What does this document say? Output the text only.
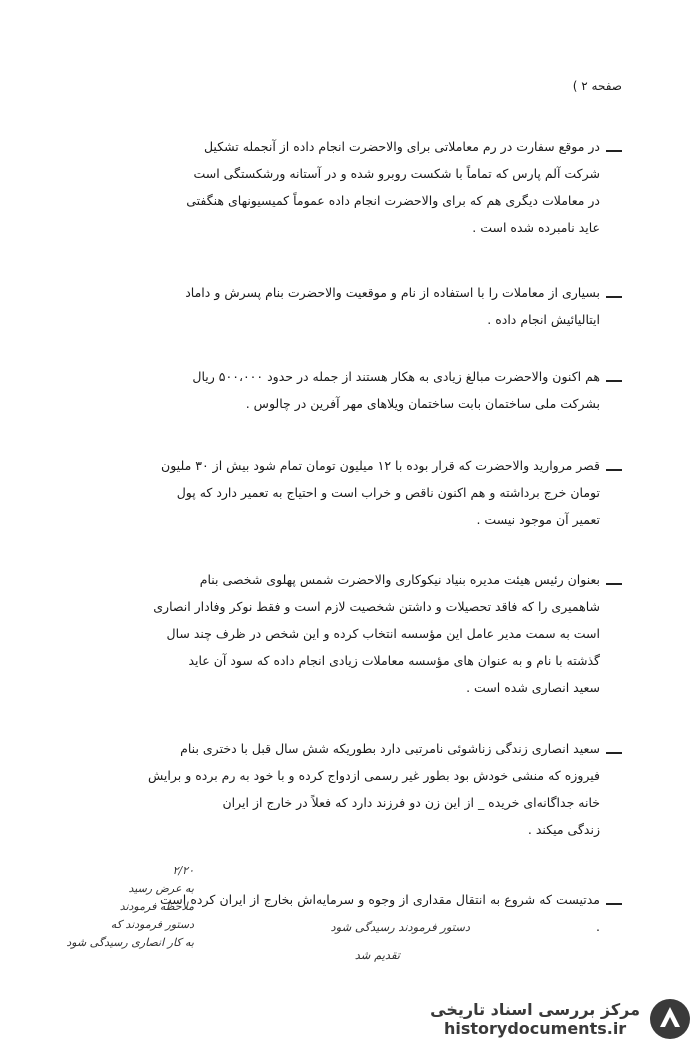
صفحه ۲ )

در موقع سفارت در رم معاملاتی برای والاحضرت انجام داده از آنجمله تشکیل

شرکت آلم پارس که تماماً با شکست روبرو شده و در آستانه ورشکستگی است

در معاملات دیگری هم که برای والاحضرت انجام داده عموماً کمیسیونهای هنگفتی

عاید نامبرده شده است .

بسیاری از معاملات را با استفاده از نام و موقعیت والاحضرت بنام پسرش و داماد

ایتالیائیش انجام داده .

هم اکنون والاحضرت مبالغ زیادی به هکار هستند از جمله در حدود ۵۰۰،۰۰۰ ریال

بشرکت ملی ساختمان بابت ساختمان ویلاهای مهر آفرین در چالوس .

قصر مروارید والاحضرت که قرار بوده با ۱۲ میلیون تومان تمام شود بیش از ۳۰ ملیون

تومان خرج برداشته و هم اکنون ناقص و خراب است و احتیاج به تعمیر دارد که پول

تعمیر آن موجود نیست .

بعنوان رئیس هیئت مدیره بنیاد نیکوکاری والاحضرت شمس پهلوی شخصی بنام

شاهمیری را که فاقد تحصیلات و داشتن شخصیت لازم است و فقط نوکر وفادار انصاری

است به سمت مدیر عامل این مؤسسه انتخاب کرده و این شخص در ظرف چند سال

گذشته با نام و به عنوان های مؤسسه معاملات زیادی انجام داده که سود آن عاید

سعید انصاری شده است .

سعید انصاری زندگی زناشوئی نامرتبی دارد بطوریکه شش سال قبل با دختری بنام

فیروزه که منشی خودش بود بطور غیر رسمی ازدواج کرده و با خود به رم برده و برایش

خانه جداگانه‌ای خریده _ از این زن دو فرزند دارد که فعلاً در خارج از ایران

زندگی میکند .

مدتیست که شروع به انتقال مقداری از وجوه و سرمایه‌اش بخارج از ایران کرده است .

۲/۲۰

به عرض رسید

ملاحظه فرمودند

دستور فرمودند که

به کار انصاری رسیدگی شود

دستور فرمودند رسیدگی شود
تقدیم شد
مرکز بررسی اسناد تاریخی
historydocuments.ir
